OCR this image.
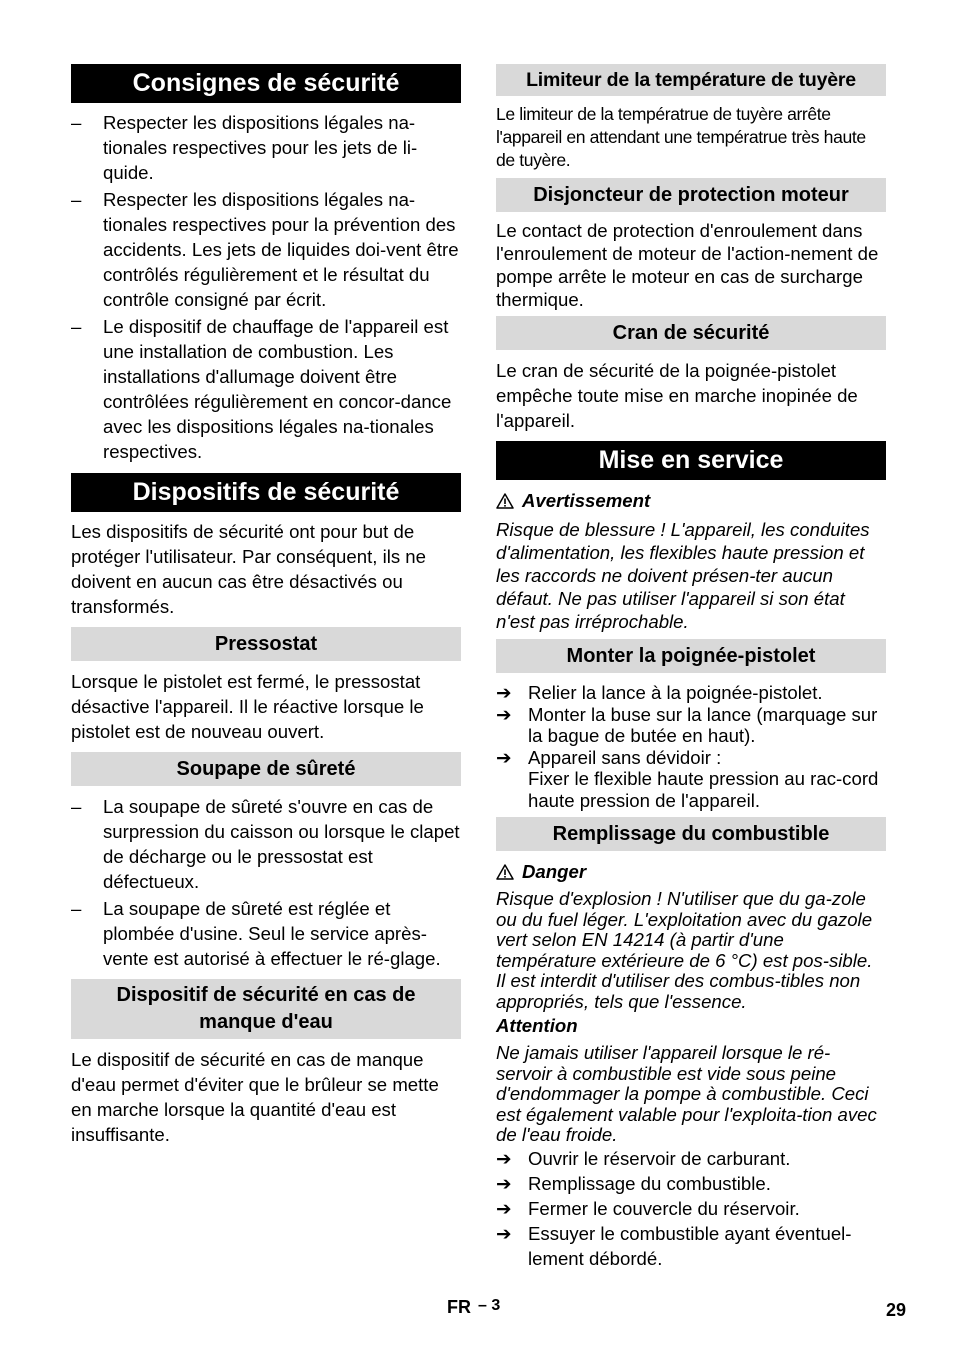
Consignes de sécurité
– Respecter les dispositions légales na-tionales respectives pour les jets de li-quide.
– Respecter les dispositions légales na-tionales respectives pour la prévention des accidents. Les jets de liquides doi-vent être contrôlés régulièrement et le résultat du contrôle consigné par écrit.
– Le dispositif de chauffage de l'appareil est une installation de combustion. Les installations d'allumage doivent être contrôlées régulièrement en concor-dance avec les dispositions légales na-tionales respectives.
Dispositifs de sécurité

Les dispositifs de sécurité ont pour but de protéger l'utilisateur. Par conséquent, ils ne doivent en aucun cas être désactivés ou transformés.

Pressostat

Lorsque le pistolet est fermé, le pressostat désactive l'appareil. Il le réactive lorsque le pistolet est de nouveau ouvert.

Soupape de sûreté
– La soupape de sûreté s'ouvre en cas de surpression du caisson ou lorsque le clapet de décharge ou le pressostat est défectueux.
– La soupape de sûreté est réglée et plombée d'usine. Seul le service après-vente est autorisé à effectuer le ré-glage.
Dispositif de sécurité en cas de manque d'eau

Le dispositif de sécurité en cas de manque d'eau permet d'éviter que le brûleur se mette en marche lorsque la quantité d'eau est insuffisante.

Limiteur de la température de tuyère

Le limiteur de la températrue de tuyère arrête l'appareil en attendant une températrue très haute de tuyère.

Disjoncteur de protection moteur

Le contact de protection d'enroulement dans l'enroulement de moteur de l'action-nement de pompe arrête le moteur en cas de surcharge thermique.

Cran de sécurité

Le cran de sécurité de la poignée-pistolet empêche toute mise en marche inopinée de l'appareil.

Mise en service
Avertissement

Risque de blessure ! L'appareil, les conduites d'alimentation, les flexibles haute pression et les raccords ne doivent présen-ter aucun défaut. Ne pas utiliser l'appareil si son état n'est pas irréprochable.

Monter la poignée-pistolet
➔ Relier la lance à la poignée-pistolet.
➔ Monter la buse sur la lance (marquage sur la bague de butée en haut).
➔ Appareil sans dévidoir :
Fixer le flexible haute pression au rac-cord haute pression de l'appareil.
Remplissage du combustible
Danger

Risque d'explosion ! N'utiliser que du ga-zole ou du fuel léger. L'exploitation avec du gazole vert selon EN 14214 (à partir d'une température extérieure de 6 °C) est pos-sible. Il est interdit d'utiliser des combus-tibles non appropriés, tels que l'essence.

Attention

Ne jamais utiliser l'appareil lorsque le ré-servoir à combustible est vide sous peine d'endommager la pompe à combustible. Ceci est également valable pour l'exploita-tion avec de l'eau froide.

➔ Ouvrir le réservoir de carburant.
➔ Remplissage du combustible.
➔ Fermer le couvercle du réservoir.
➔ Essuyer le combustible ayant éventuel-lement débordé.
FR – 3	29
